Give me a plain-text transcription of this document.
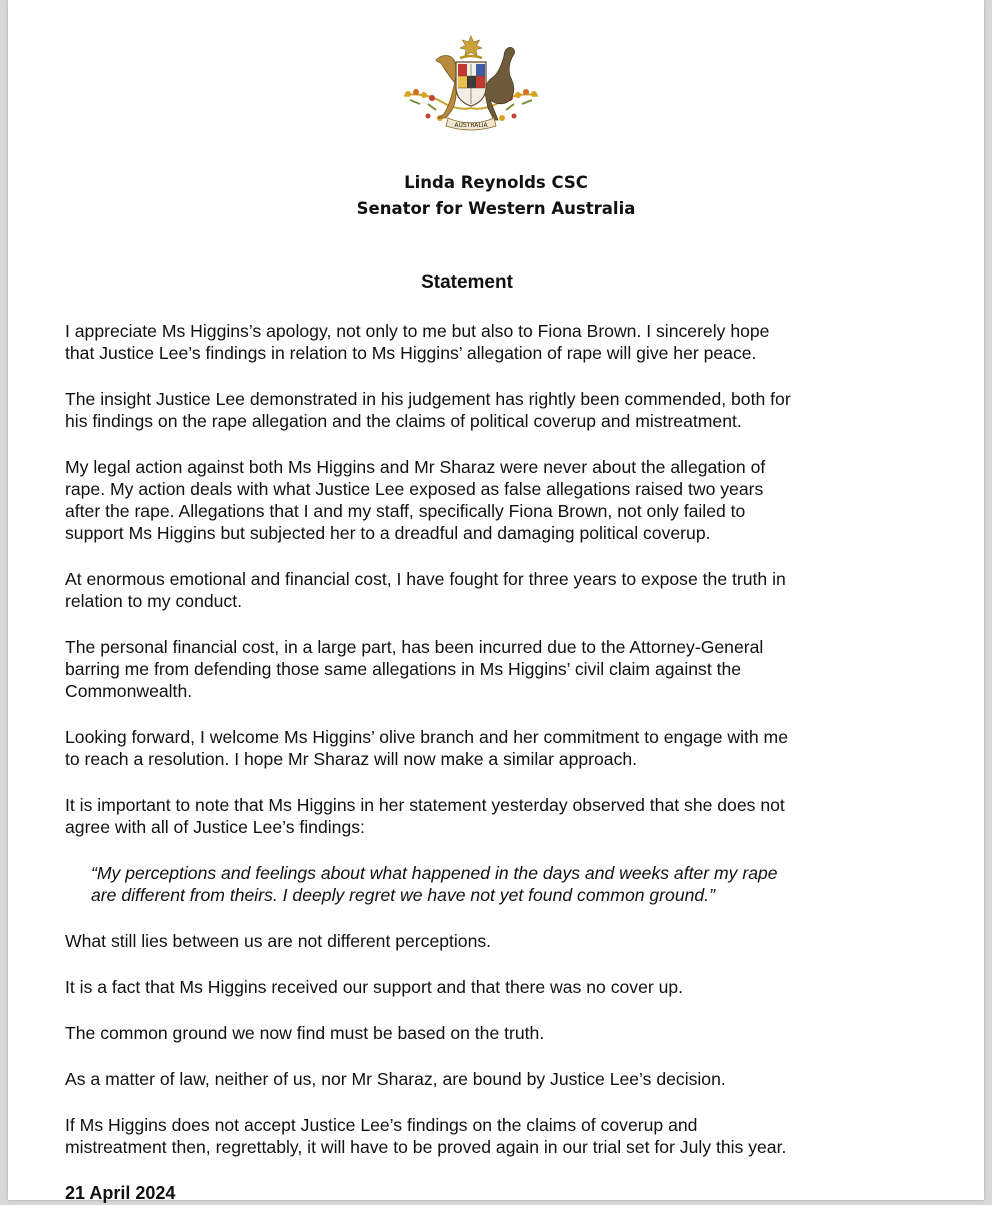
AUSTRALIA
Linda Reynolds CSC
Senator for Western Australia
Statement

I appreciate Ms Higgins’s apology, not only to me but also to Fiona Brown. I sincerely hope
that Justice Lee’s findings in relation to Ms Higgins’ allegation of rape will give her peace.

The insight Justice Lee demonstrated in his judgement has rightly been commended, both for
his findings on the rape allegation and the claims of political coverup and mistreatment.

My legal action against both Ms Higgins and Mr Sharaz were never about the allegation of
rape. My action deals with what Justice Lee exposed as false allegations raised two years
after the rape. Allegations that I and my staff, specifically Fiona Brown, not only failed to
support Ms Higgins but subjected her to a dreadful and damaging political coverup.

At enormous emotional and financial cost, I have fought for three years to expose the truth in
relation to my conduct.

The personal financial cost, in a large part, has been incurred due to the Attorney-General
barring me from defending those same allegations in Ms Higgins’ civil claim against the
Commonwealth.

Looking forward, I welcome Ms Higgins’ olive branch and her commitment to engage with me
to reach a resolution. I hope Mr Sharaz will now make a similar approach.

It is important to note that Ms Higgins in her statement yesterday observed that she does not
agree with all of Justice Lee’s findings:

“My perceptions and feelings about what happened in the days and weeks after my rape
are different from theirs. I deeply regret we have not yet found common ground.”

What still lies between us are not different perceptions.

It is a fact that Ms Higgins received our support and that there was no cover up.

The common ground we now find must be based on the truth.

As a matter of law, neither of us, nor Mr Sharaz, are bound by Justice Lee’s decision.

If Ms Higgins does not accept Justice Lee’s findings on the claims of coverup and
mistreatment then, regrettably, it will have to be proved again in our trial set for July this year.

21 April 2024
